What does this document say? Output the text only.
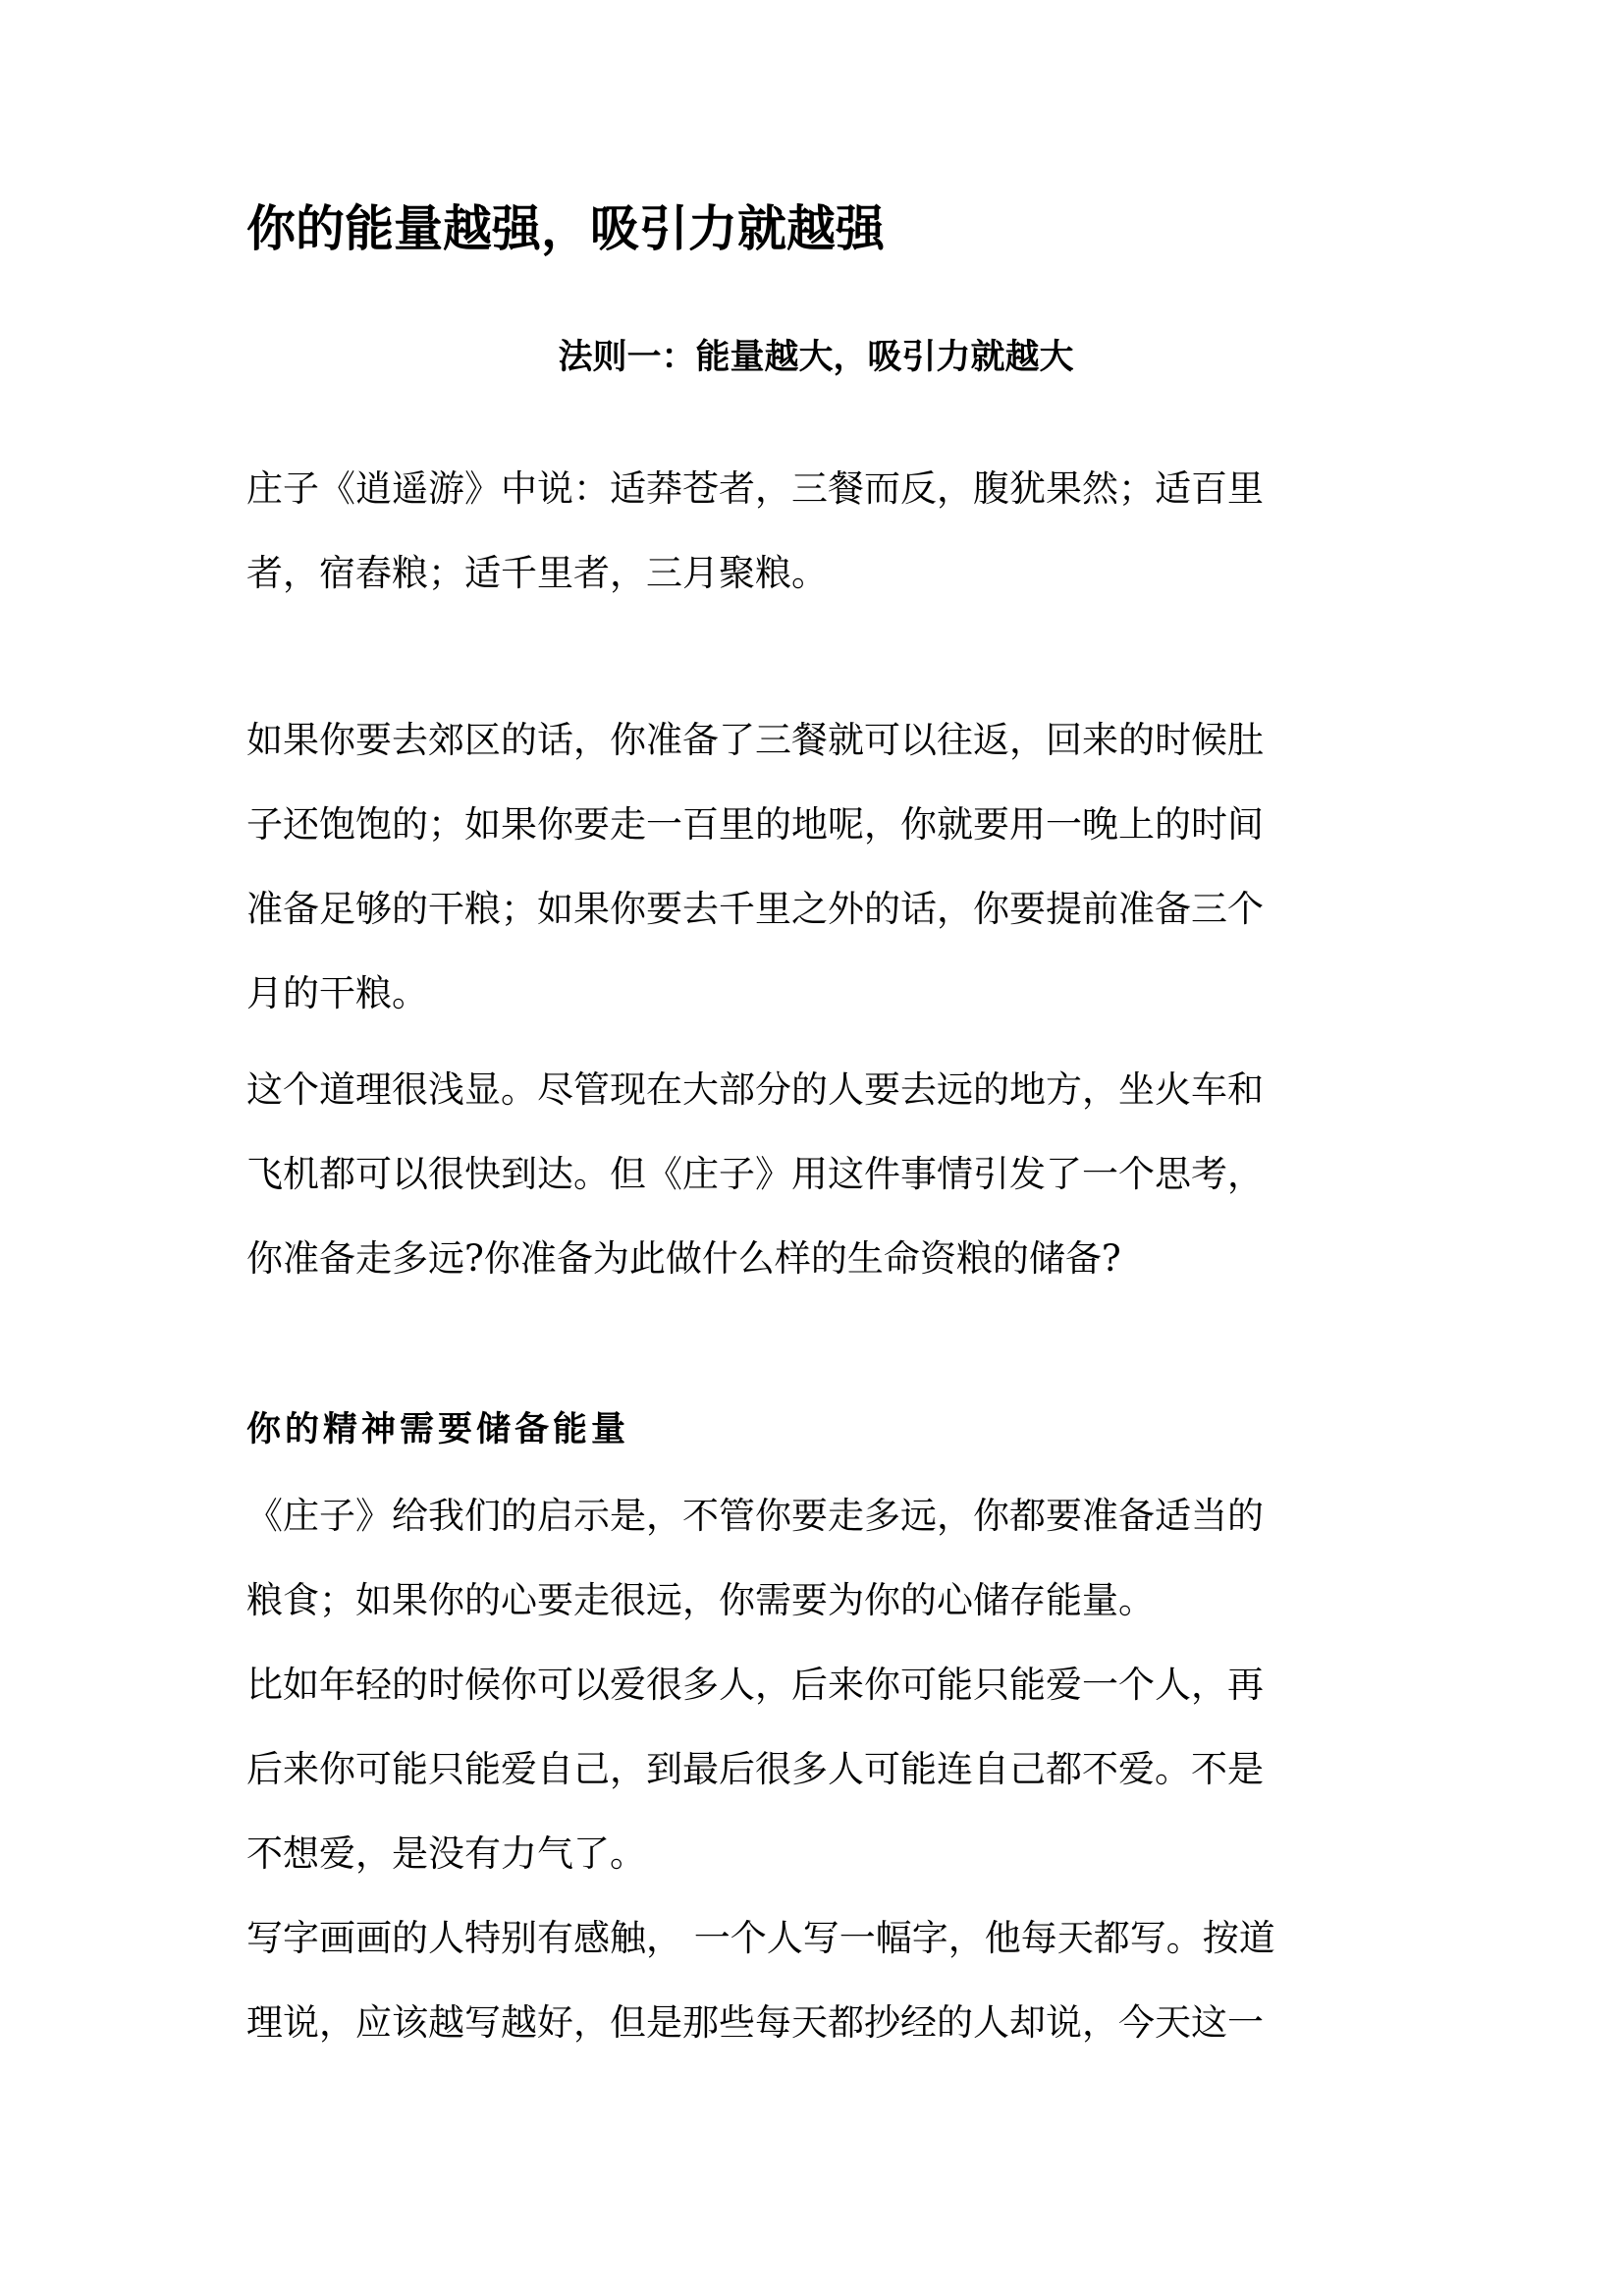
你的能量越强，吸引力就越强
法则一：能量越大，吸引力就越大

庄子《逍遥游》中说：适莽苍者，三餐而反，腹犹果然；适百里

者，宿舂粮；适千里者，三月聚粮。

如果你要去郊区的话，你准备了三餐就可以往返，回来的时候肚

子还饱饱的；如果你要走一百里的地呢，你就要用一晚上的时间

准备足够的干粮；如果你要去千里之外的话，你要提前准备三个

月的干粮。

这个道理很浅显。尽管现在大部分的人要去远的地方，坐火车和

飞机都可以很快到达。但《庄子》用这件事情引发了一个思考，

你准备走多远?你准备为此做什么样的生命资粮的储备?

你的精神需要储备能量

《庄子》给我们的启示是，不管你要走多远，你都要准备适当的

粮食；如果你的心要走很远，你需要为你的心储存能量。

比如年轻的时候你可以爱很多人，后来你可能只能爱一个人，再

后来你可能只能爱自己，到最后很多人可能连自己都不爱。不是

不想爱，是没有力气了。

写字画画的人特别有感触， 一个人写一幅字，他每天都写。按道

理说，应该越写越好，但是那些每天都抄经的人却说，今天这一
